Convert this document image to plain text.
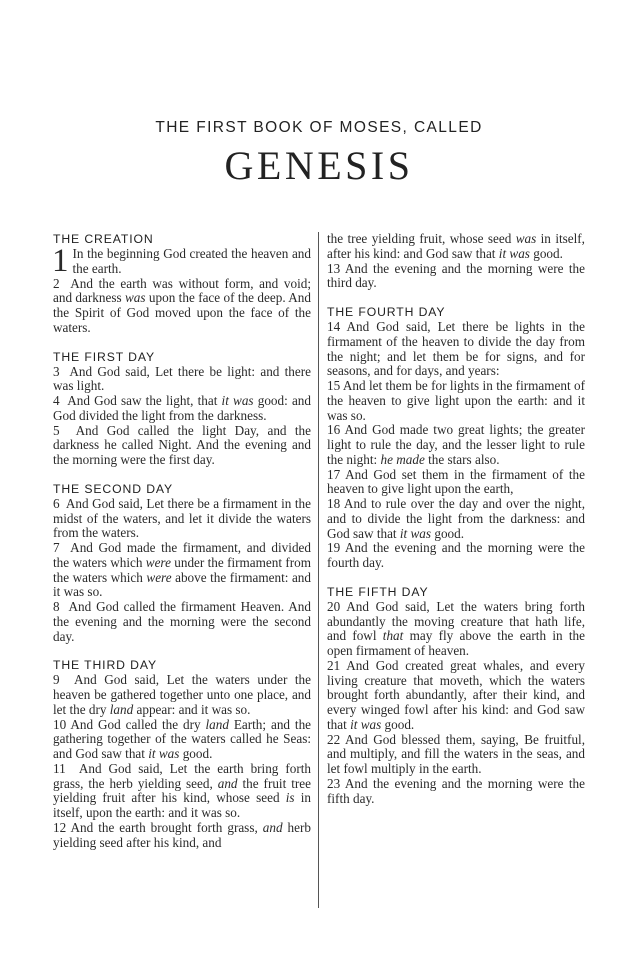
THE FIRST BOOK OF MOSES, CALLED
GENESIS
THE CREATION

1 In the beginning God created the heaven and the earth.

2 And the earth was without form, and void; and darkness was upon the face of the deep. And the Spirit of God moved upon the face of the waters.

THE FIRST DAY

3 And God said, Let there be light: and there was light.

4 And God saw the light, that it was good: and God divided the light from the darkness.

5 And God called the light Day, and the darkness he called Night. And the evening and the morning were the first day.

THE SECOND DAY

6 And God said, Let there be a firmament in the midst of the waters, and let it divide the waters from the waters.

7 And God made the firmament, and divided the waters which were under the firmament from the waters which were above the firmament: and it was so.

8 And God called the firmament Heaven. And the evening and the morning were the second day.

THE THIRD DAY

9 And God said, Let the waters under the heaven be gathered together unto one place, and let the dry land appear: and it was so.

10 And God called the dry land Earth; and the gathering together of the waters called he Seas: and God saw that it was good.

11 And God said, Let the earth bring forth grass, the herb yielding seed, and the fruit tree yielding fruit after his kind, whose seed is in itself, upon the earth: and it was so.

12 And the earth brought forth grass, and herb yielding seed after his kind, and

the tree yielding fruit, whose seed was in itself, after his kind: and God saw that it was good.

13 And the evening and the morning were the third day.

THE FOURTH DAY

14 And God said, Let there be lights in the firmament of the heaven to divide the day from the night; and let them be for signs, and for seasons, and for days, and years:

15 And let them be for lights in the firmament of the heaven to give light upon the earth: and it was so.

16 And God made two great lights; the greater light to rule the day, and the lesser light to rule the night: he made the stars also.

17 And God set them in the firmament of the heaven to give light upon the earth,

18 And to rule over the day and over the night, and to divide the light from the darkness: and God saw that it was good.

19 And the evening and the morning were the fourth day.

THE FIFTH DAY

20 And God said, Let the waters bring forth abundantly the moving creature that hath life, and fowl that may fly above the earth in the open firmament of heaven.

21 And God created great whales, and every living creature that moveth, which the waters brought forth abundantly, after their kind, and every winged fowl after his kind: and God saw that it was good.

22 And God blessed them, saying, Be fruitful, and multiply, and fill the waters in the seas, and let fowl multiply in the earth.

23 And the evening and the morning were the fifth day.
